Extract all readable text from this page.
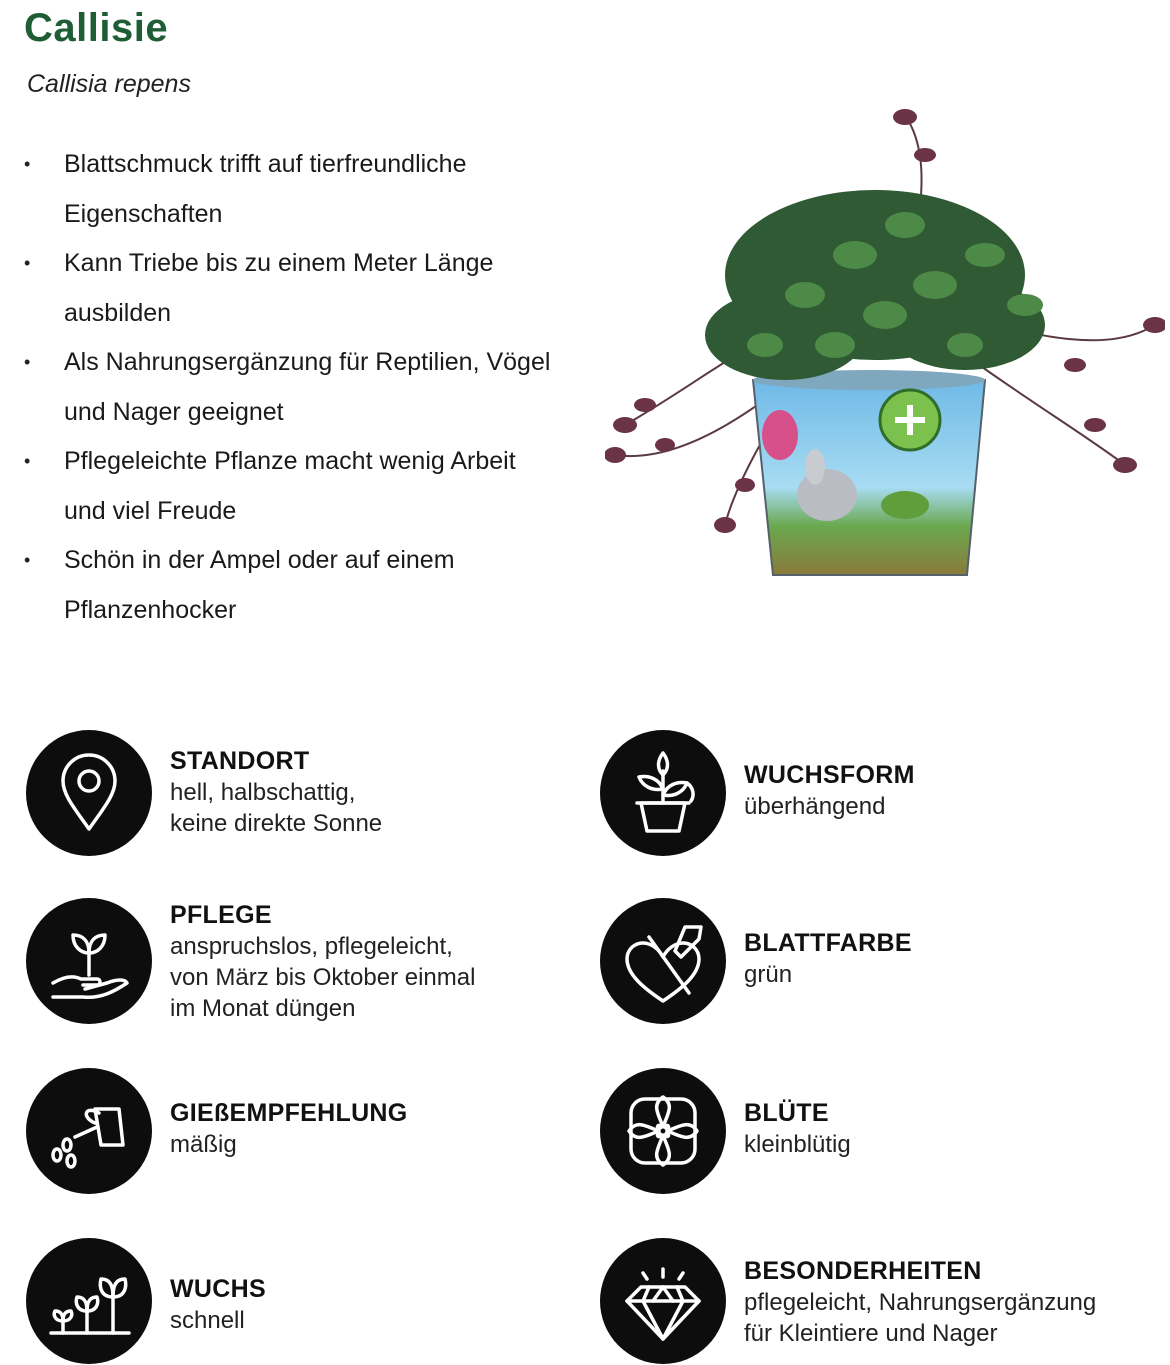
Callisie

Callisia repens

• Blattschmuck trifft auf tierfreundliche Eigenschaften
• Kann Triebe bis zu einem Meter Länge ausbilden
• Als Nahrungsergänzung für Reptilien, Vögel und Nager geeignet
• Pflegeleichte Pflanze macht wenig Arbeit und viel Freude
• Schön in der Ampel oder auf einem Pflanzenhocker
STANDORT
hell, halbschattig,
keine direkte Sonne
PFLEGE
anspruchslos, pflegeleicht,
von März bis Oktober einmal
im Monat düngen
GIEßEMPFEHLUNG
mäßig
WUCHS
schnell
WUCHSFORM
überhängend
BLATTFARBE
grün
BLÜTE
kleinblütig
BESONDERHEITEN
pflegeleicht, Nahrungsergänzung
für Kleintiere und Nager
